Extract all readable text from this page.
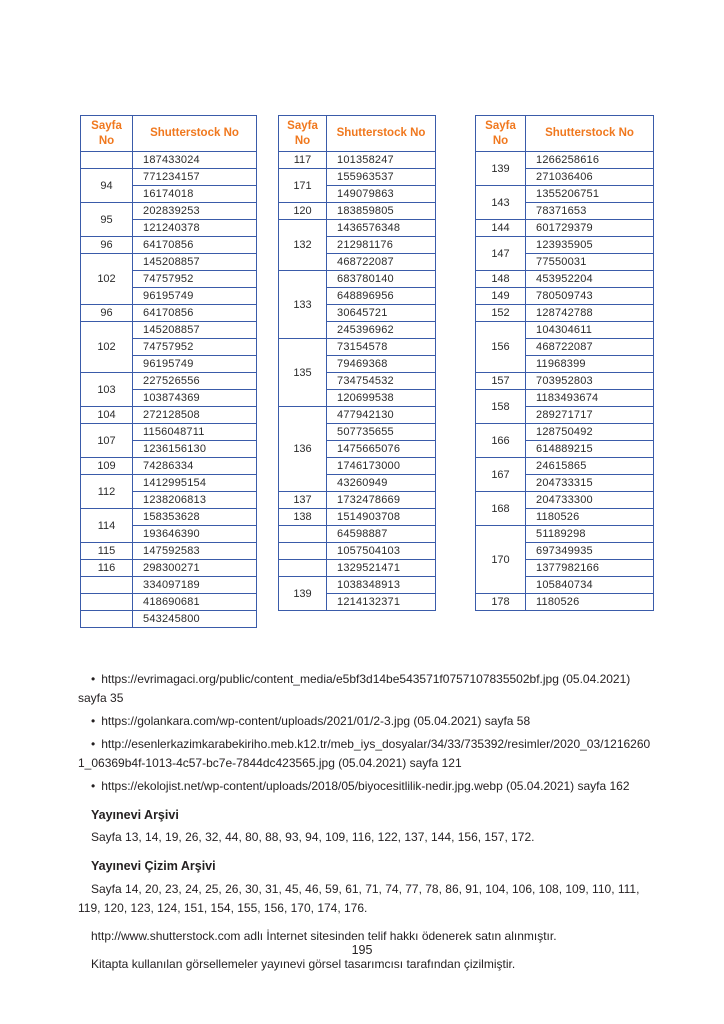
Sayfa No	Shutterstock No
	187433024
94	771234157
	16174018
95	202839253
	121240378
96	64170856
102	145208857
	74757952
	96195749
96	64170856
102	145208857
	74757952
	96195749
103	227526556
	103874369
104	272128508
107	1156048711
	1236156130
109	74286334
112	1412995154
	1238206813
114	158353628
	193646390
115	147592583
116	298300271
	334097189
	418690681
	543245800
Sayfa No	Shutterstock No
117	101358247
171	155963537
	149079863
120	183859805
132	1436576348
	212981176
	468722087
133	683780140
	648896956
	30645721
	245396962
135	73154578
	79469368
	734754532
	120699538
136	477942130
	507735655
	1475665076
	1746173000
	43260949
137	1732478669
138	1514903708
	64598887
	1057504103
	1329521471
139	1038348913
	1214132371
Sayfa No	Shutterstock No
139	1266258616
	271036406
143	1355206751
	78371653
144	601729379
147	123935905
	77550031
148	453952204
149	780509743
152	128742788
156	104304611
	468722087
	11968399
157	703952803
158	1183493674
	289271717
166	128750492
	614889215
167	24615865
	204733315
168	204733300
	1180526
170	51189298
	697349935
	1377982166
	105840734
178	1180526

• https://evrimagaci.org/public/content_media/e5bf3d14be543571f0757107835502bf.jpg (05.04.2021) sayfa 35

• https://golankara.com/wp-content/uploads/2021/01/2-3.jpg (05.04.2021) sayfa 58

• http://esenlerkazimkarabekiriho.meb.k12.tr/meb_iys_dosyalar/34/33/735392/resimler/2020_03/12162601_06369b4f-1013-4c57-bc7e-7844dc423565.jpg (05.04.2021) sayfa 121

• https://ekolojist.net/wp-content/uploads/2018/05/biyocesitlilik-nedir.jpg.webp (05.04.2021) sayfa 162

Yayınevi Arşivi

Sayfa 13, 14, 19, 26, 32, 44, 80, 88, 93, 94, 109, 116, 122, 137, 144, 156, 157, 172.

Yayınevi Çizim Arşivi

Sayfa 14, 20, 23, 24, 25, 26, 30, 31, 45, 46, 59, 61, 71, 74, 77, 78, 86, 91, 104, 106, 108, 109, 110, 111, 119, 120, 123, 124, 151, 154, 155, 156, 170, 174, 176.

http://www.shutterstock.com adlı İnternet sitesinden telif hakkı ödenerek satın alınmıştır.

Kitapta kullanılan görsellemeler yayınevi görsel tasarımcısı tarafından çizilmiştir.

195
